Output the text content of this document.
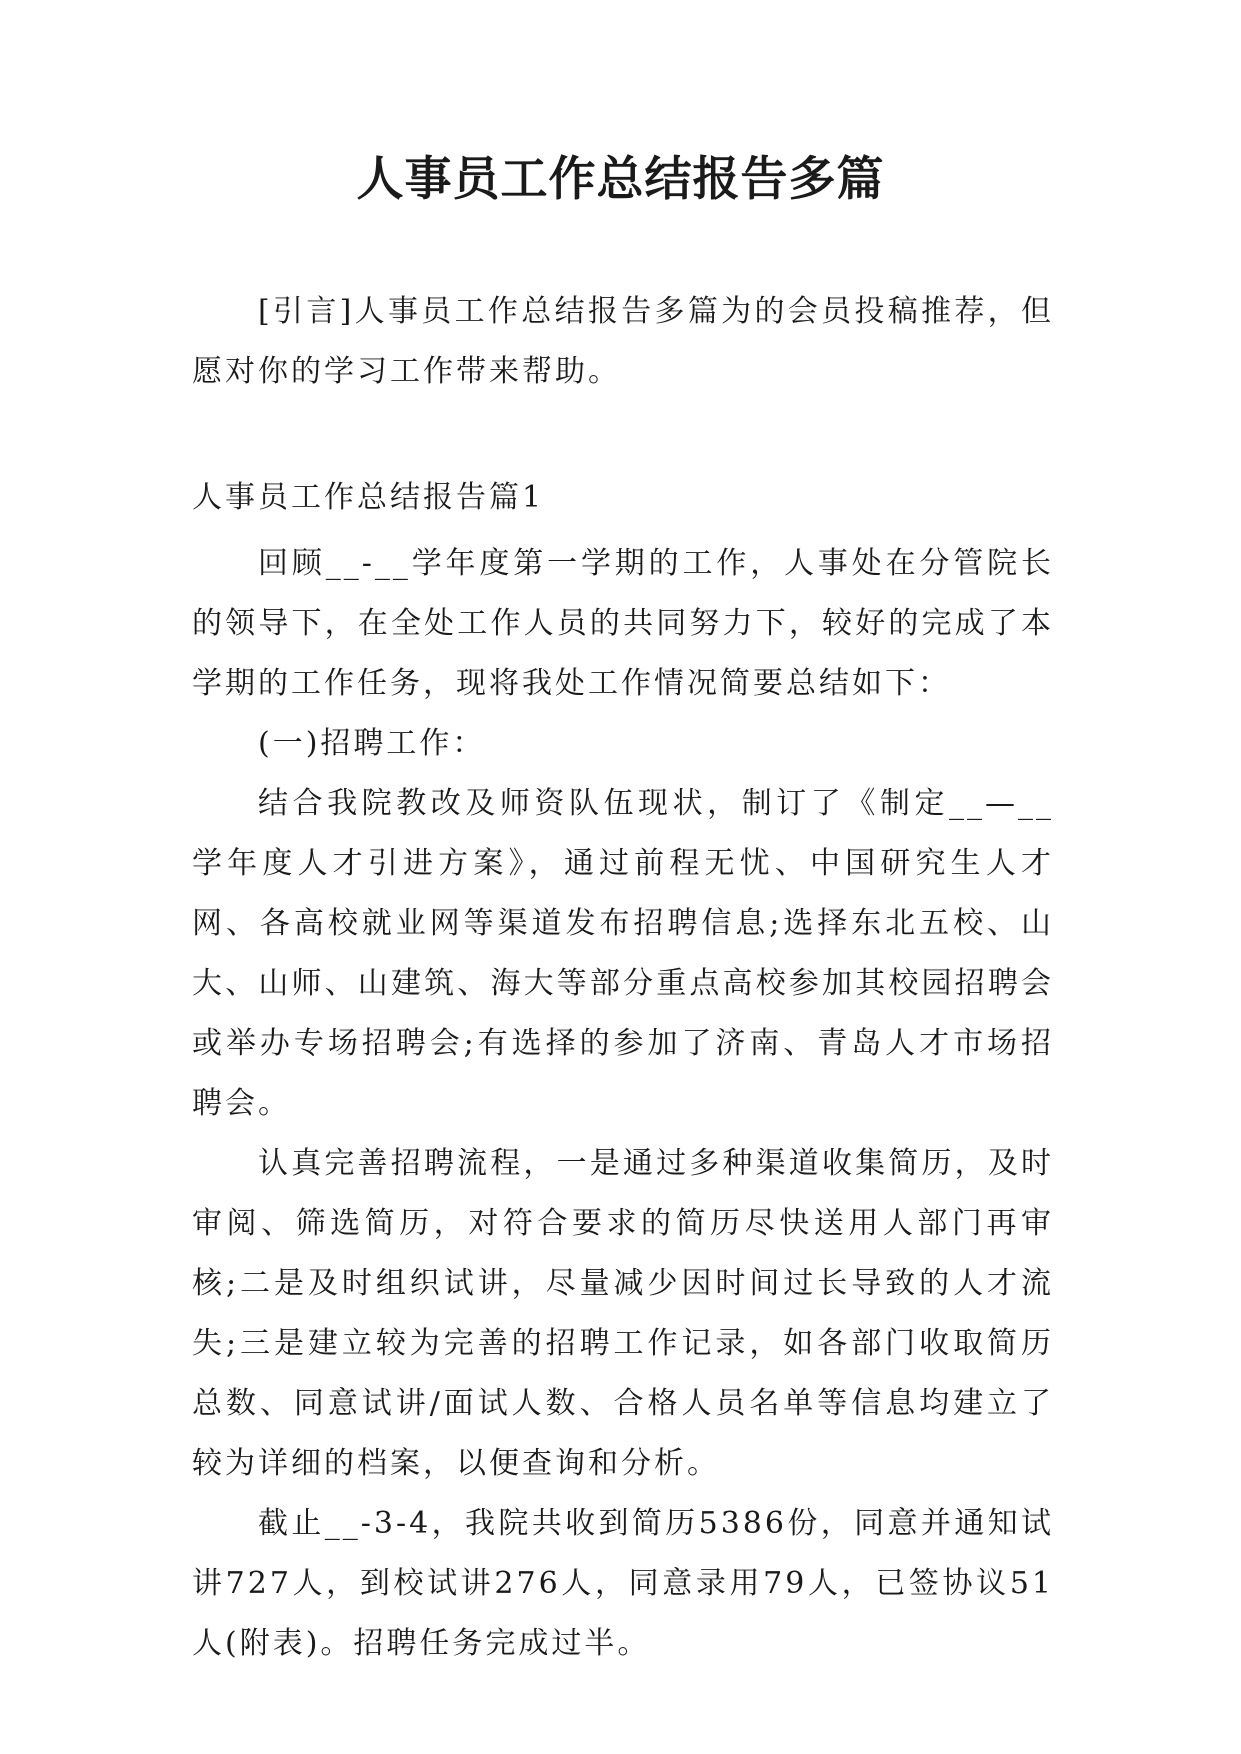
人事员工作总结报告多篇

[引言]人事员工作总结报告多篇为的会员投稿推荐，但愿对你的学习工作带来帮助。

人事员工作总结报告篇1

回顾__-__学年度第一学期的工作，人事处在分管院长的领导下，在全处工作人员的共同努力下，较好的完成了本学期的工作任务，现将我处工作情况简要总结如下：

(一)招聘工作：

结合我院教改及师资队伍现状，制订了《制定__—__学年度人才引进方案》，通过前程无忧、中国研究生人才网、各高校就业网等渠道发布招聘信息;选择东北五校、山大、山师、山建筑、海大等部分重点高校参加其校园招聘会或举办专场招聘会;有选择的参加了济南、青岛人才市场招聘会。

认真完善招聘流程，一是通过多种渠道收集简历，及时审阅、筛选简历，对符合要求的简历尽快送用人部门再审核;二是及时组织试讲，尽量减少因时间过长导致的人才流失;三是建立较为完善的招聘工作记录，如各部门收取简历总数、同意试讲/面试人数、合格人员名单等信息均建立了较为详细的档案，以便查询和分析。

截止__-3-4，我院共收到简历5386份，同意并通知试讲727人，到校试讲276人，同意录用79人，已签协议51人(附表)。招聘任务完成过半。
